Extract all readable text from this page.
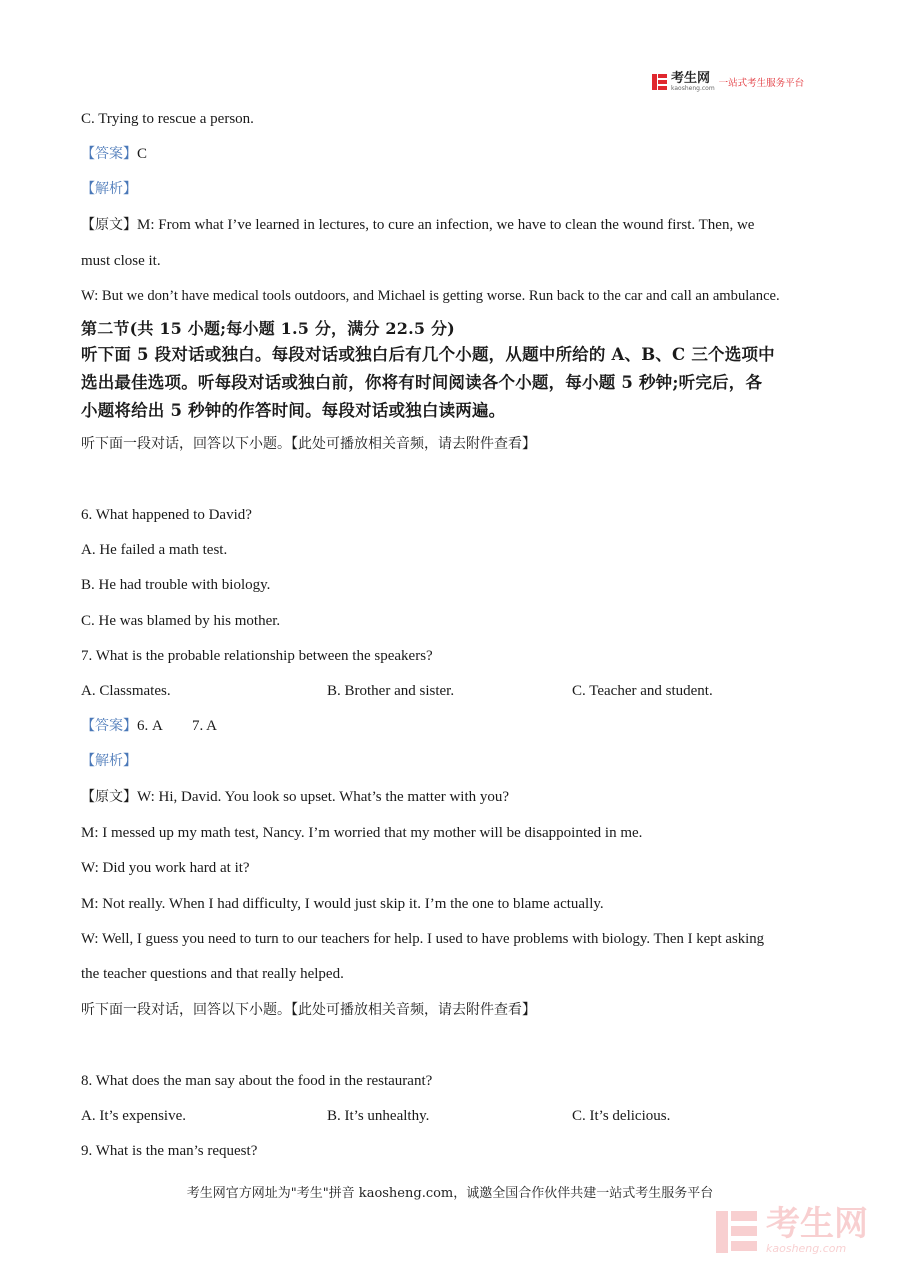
考生网
kaosheng.com 一站式考生服务平台
C. Trying to rescue a person.
【答案】C
【解析】
【原文】M: From what I’ve learned in lectures, to cure an infection, we have to clean the wound first. Then, we
must close it.
W: But we don’t have medical tools outdoors, and Michael is getting worse. Run back to the car and call an ambulance.
第二节(共 15 小题;每小题 1.5 分，满分 22.5 分)
听下面 5 段对话或独白。每段对话或独白后有几个小题，从题中所给的 A、B、C 三个选项中
选出最佳选项。听每段对话或独白前，你将有时间阅读各个小题，每小题 5 秒钟;听完后，各
小题将给出 5 秒钟的作答时间。每段对话或独白读两遍。
听下面一段对话，回答以下小题。【此处可播放相关音频，请去附件查看】
6. What happened to David?
A. He failed a math test.
B. He had trouble with biology.
C. He was blamed by his mother.
7. What is the probable relationship between the speakers?
A. Classmates.	B. Brother and sister.	C. Teacher and student.
【答案】6. A        7. A
【解析】
【原文】W: Hi, David. You look so upset. What’s the matter with you?
M: I messed up my math test, Nancy. I’m worried that my mother will be disappointed in me.
W: Did you work hard at it?
M: Not really. When I had difficulty, I would just skip it. I’m the one to blame actually.
W: Well, I guess you need to turn to our teachers for help. I used to have problems with biology. Then I kept asking
the teacher questions and that really helped.
听下面一段对话，回答以下小题。【此处可播放相关音频，请去附件查看】
8. What does the man say about the food in the restaurant?
A. It’s expensive.	B. It’s unhealthy.	C. It’s delicious.
9. What is the man’s request?
考生网官方网址为"考生"拼音 kaosheng.com，诚邀全国合作伙伴共建一站式考生服务平台
考生网
kaosheng.com
